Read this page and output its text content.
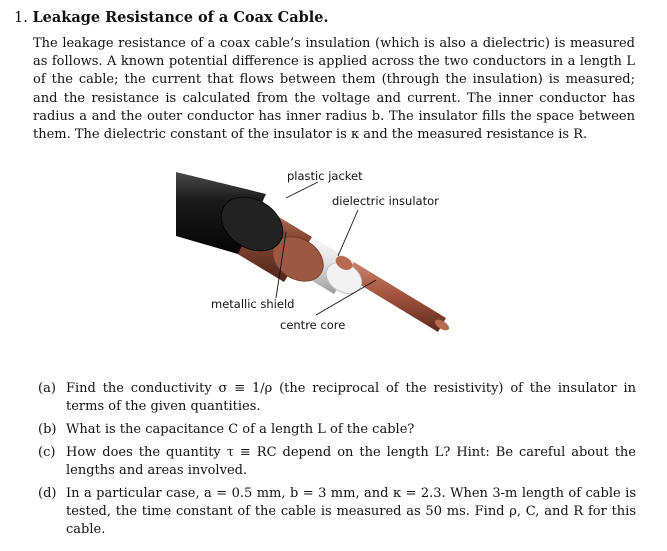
1. Leakage Resistance of a Coax Cable.

The leakage resistance of a coax cable’s insulation (which is also a dielectric) is measured as follows. A known potential difference is applied across the two conductors in a length L of the cable; the current that flows between them (through the insulation) is measured; and the resistance is calculated from the voltage and current. The inner conductor has radius a and the outer conductor has inner radius b. The insulator fills the space between them. The dielectric constant of the insulator is κ and the measured resistance is R.

plastic jacket
dielectric insulator
metallic shield
centre core
(a) Find the conductivity σ ≡ 1/ρ (the reciprocal of the resistivity) of the insulator in terms of the given quantities.
(b) What is the capacitance C of a length L of the cable?
(c) How does the quantity τ ≡ RC depend on the length L? Hint: Be careful about the lengths and areas involved.
(d) In a particular case, a = 0.5 mm, b = 3 mm, and κ = 2.3. When 3-m length of cable is tested, the time constant of the cable is measured as 50 ms. Find ρ, C, and R for this cable.
